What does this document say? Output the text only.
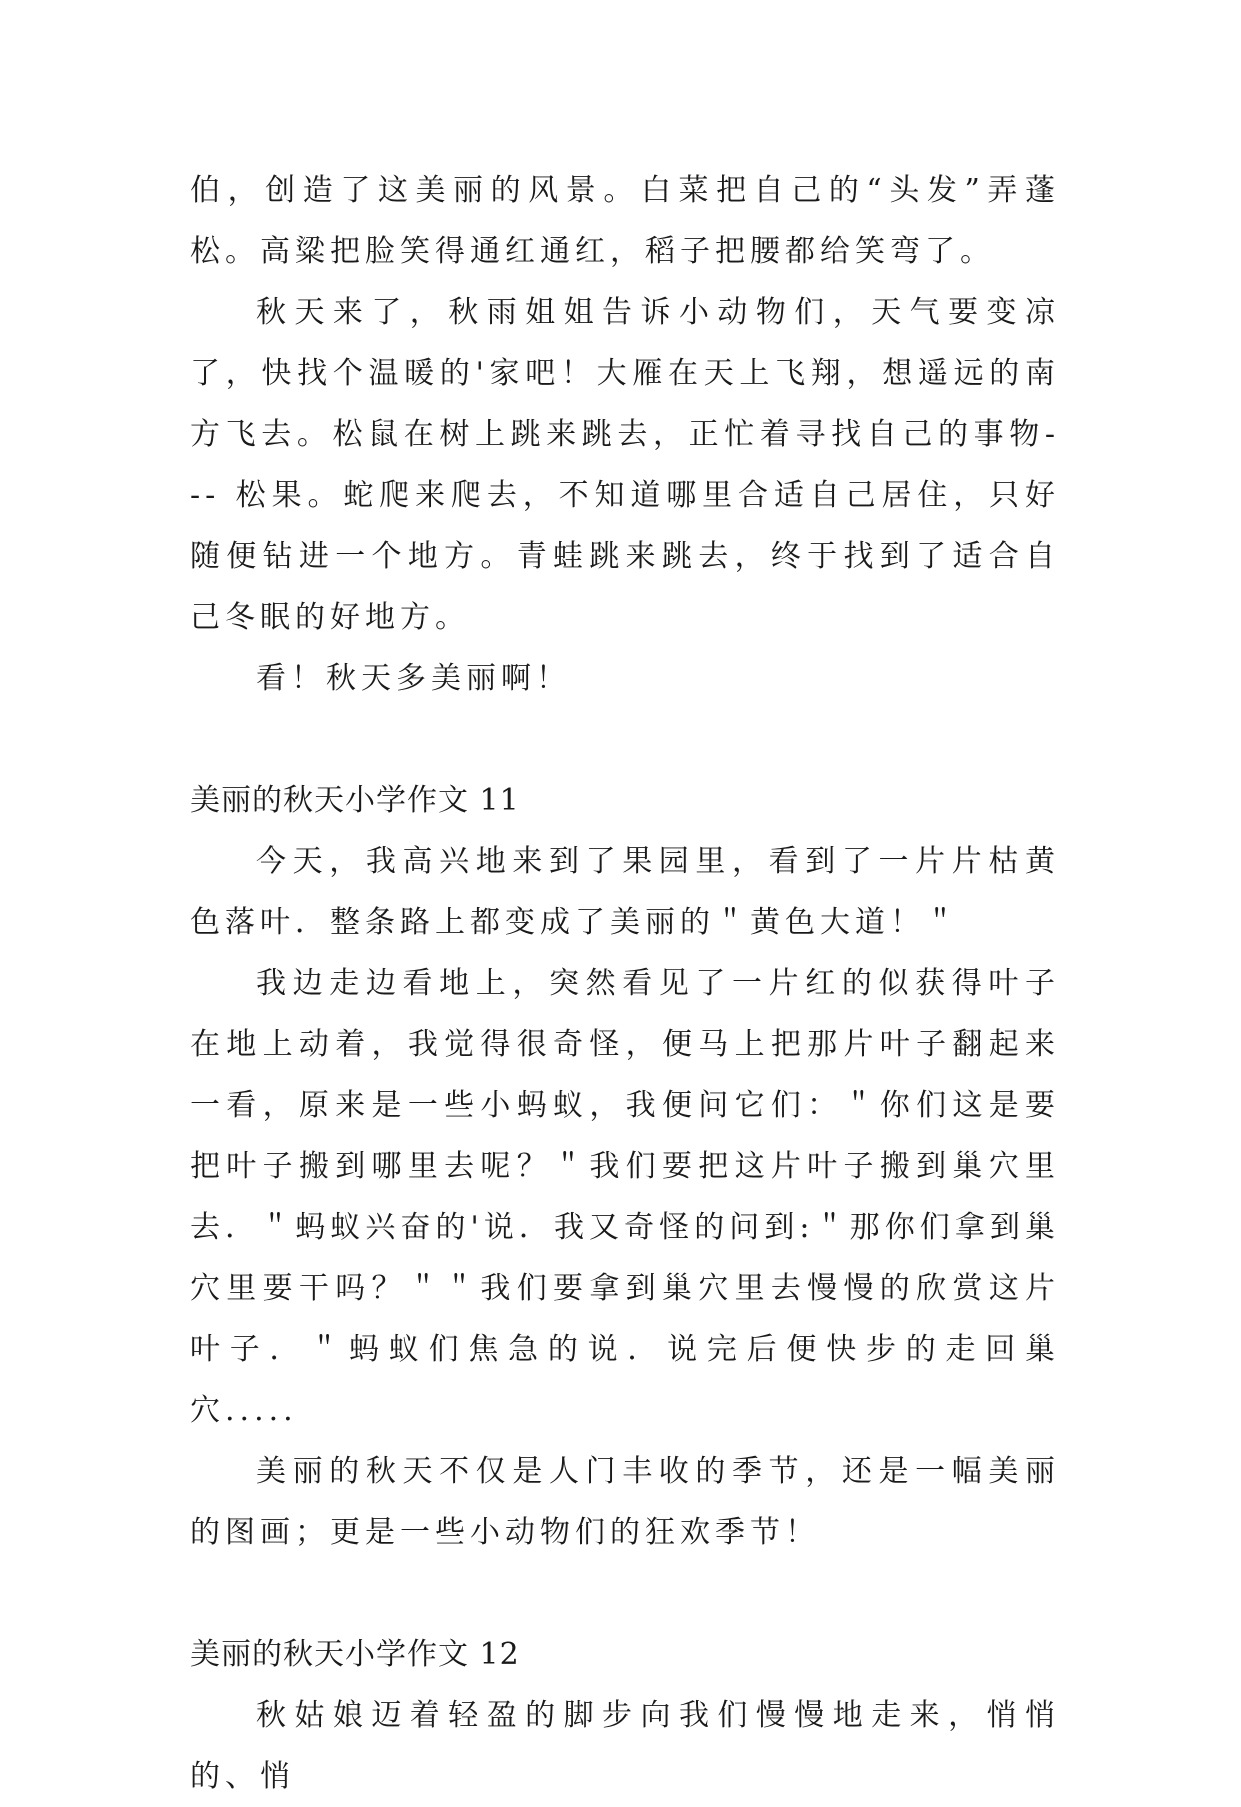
伯，创造了这美丽的风景。白菜把自己的“头发”弄蓬松。高粱把脸笑得通红通红，稻子把腰都给笑弯了。

秋天来了，秋雨姐姐告诉小动物们，天气要变凉了，快找个温暖的'家吧！大雁在天上飞翔，想遥远的南方飞去。松鼠在树上跳来跳去，正忙着寻找自己的事物--- 松果。蛇爬来爬去，不知道哪里合适自己居住，只好随便钻进一个地方。青蛙跳来跳去，终于找到了适合自己冬眠的好地方。

看！秋天多美丽啊！

美丽的秋天小学作文 11

今天，我高兴地来到了果园里，看到了一片片枯黄色落叶．整条路上都变成了美丽的＂黄色大道！＂

我边走边看地上，突然看见了一片红的似获得叶子在地上动着，我觉得很奇怪，便马上把那片叶子翻起来一看，原来是一些小蚂蚁，我便问它们：＂你们这是要把叶子搬到哪里去呢？＂我们要把这片叶子搬到巢穴里去．＂蚂蚁兴奋的'说．我又奇怪的问到:＂那你们拿到巢穴里要干吗？＂＂我们要拿到巢穴里去慢慢的欣赏这片叶子．＂蚂蚁们焦急的说．说完后便快步的走回巢穴.....

美丽的秋天不仅是人门丰收的季节，还是一幅美丽的图画；更是一些小动物们的狂欢季节！

美丽的秋天小学作文 12

秋姑娘迈着轻盈的脚步向我们慢慢地走来，悄悄的、悄
